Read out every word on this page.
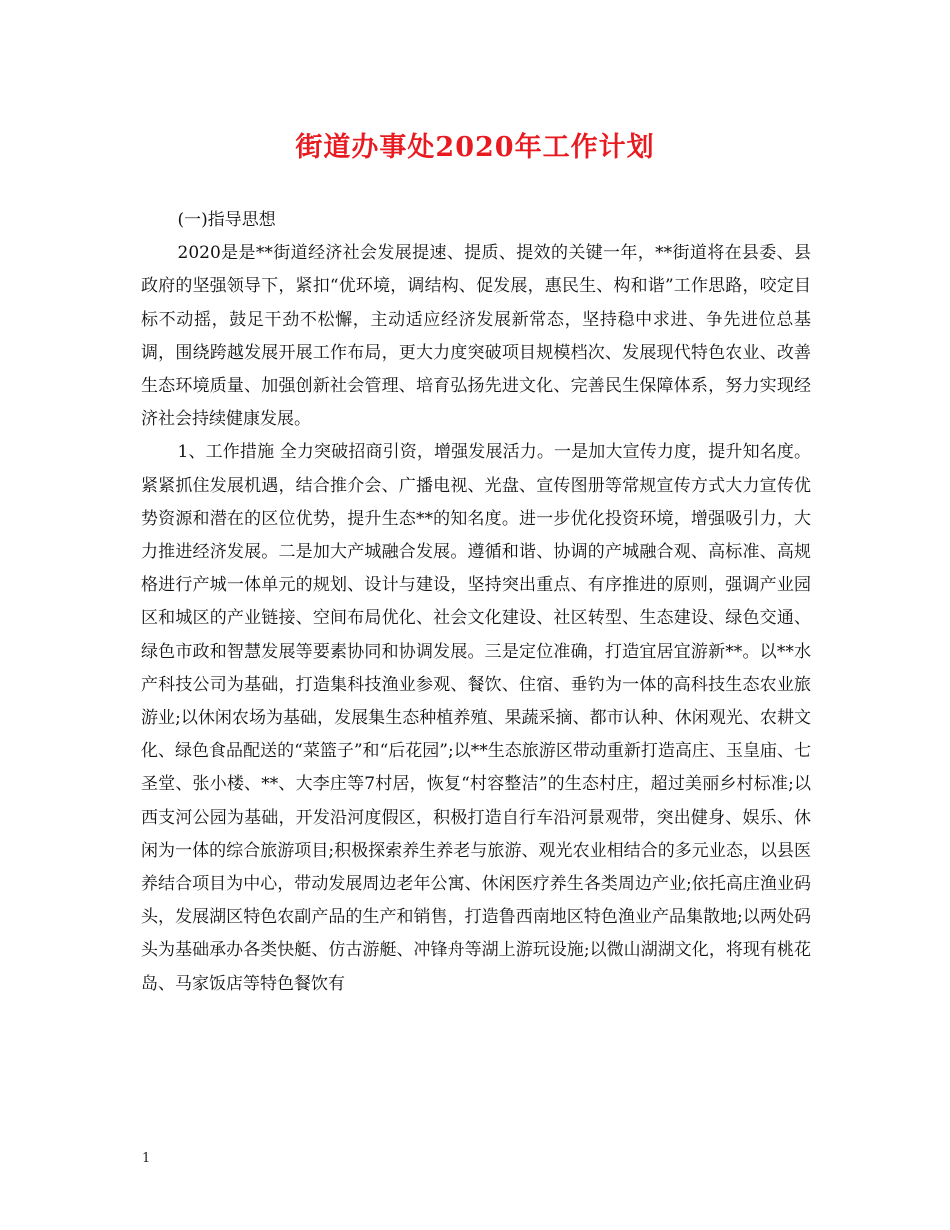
街道办事处2020年工作计划

(一)指导思想

2020是是**街道经济社会发展提速、提质、提效的关键一年，**街道将在县委、县政府的坚强领导下，紧扣“优环境，调结构、促发展，惠民生、构和谐”工作思路，咬定目标不动摇，鼓足干劲不松懈，主动适应经济发展新常态，坚持稳中求进、争先进位总基调，围绕跨越发展开展工作布局，更大力度突破项目规模档次、发展现代特色农业、改善生态环境质量、加强创新社会管理、培育弘扬先进文化、完善民生保障体系，努力实现经济社会持续健康发展。

1、工作措施 全力突破招商引资，增强发展活力。一是加大宣传力度，提升知名度。紧紧抓住发展机遇，结合推介会、广播电视、光盘、宣传图册等常规宣传方式大力宣传优势资源和潜在的区位优势，提升生态**的知名度。进一步优化投资环境，增强吸引力，大力推进经济发展。二是加大产城融合发展。遵循和谐、协调的产城融合观、高标准、高规格进行产城一体单元的规划、设计与建设，坚持突出重点、有序推进的原则，强调产业园区和城区的产业链接、空间布局优化、社会文化建设、社区转型、生态建设、绿色交通、绿色市政和智慧发展等要素协同和协调发展。三是定位准确，打造宜居宜游新**。以**水产科技公司为基础，打造集科技渔业参观、餐饮、住宿、垂钓为一体的高科技生态农业旅游业;以休闲农场为基础，发展集生态种植养殖、果蔬采摘、都市认种、休闲观光、农耕文化、绿色食品配送的“菜篮子”和“后花园”;以**生态旅游区带动重新打造高庄、玉皇庙、七圣堂、张小楼、**、大李庄等7村居，恢复“村容整洁”的生态村庄，超过美丽乡村标准;以西支河公园为基础，开发沿河度假区，积极打造自行车沿河景观带，突出健身、娱乐、休闲为一体的综合旅游项目;积极探索养生养老与旅游、观光农业相结合的多元业态，以县医养结合项目为中心，带动发展周边老年公寓、休闲医疗养生各类周边产业;依托高庄渔业码头，发展湖区特色农副产品的生产和销售，打造鲁西南地区特色渔业产品集散地;以两处码头为基础承办各类快艇、仿古游艇、冲锋舟等湖上游玩设施;以微山湖湖文化，将现有桃花岛、马家饭店等特色餐饮有

1
